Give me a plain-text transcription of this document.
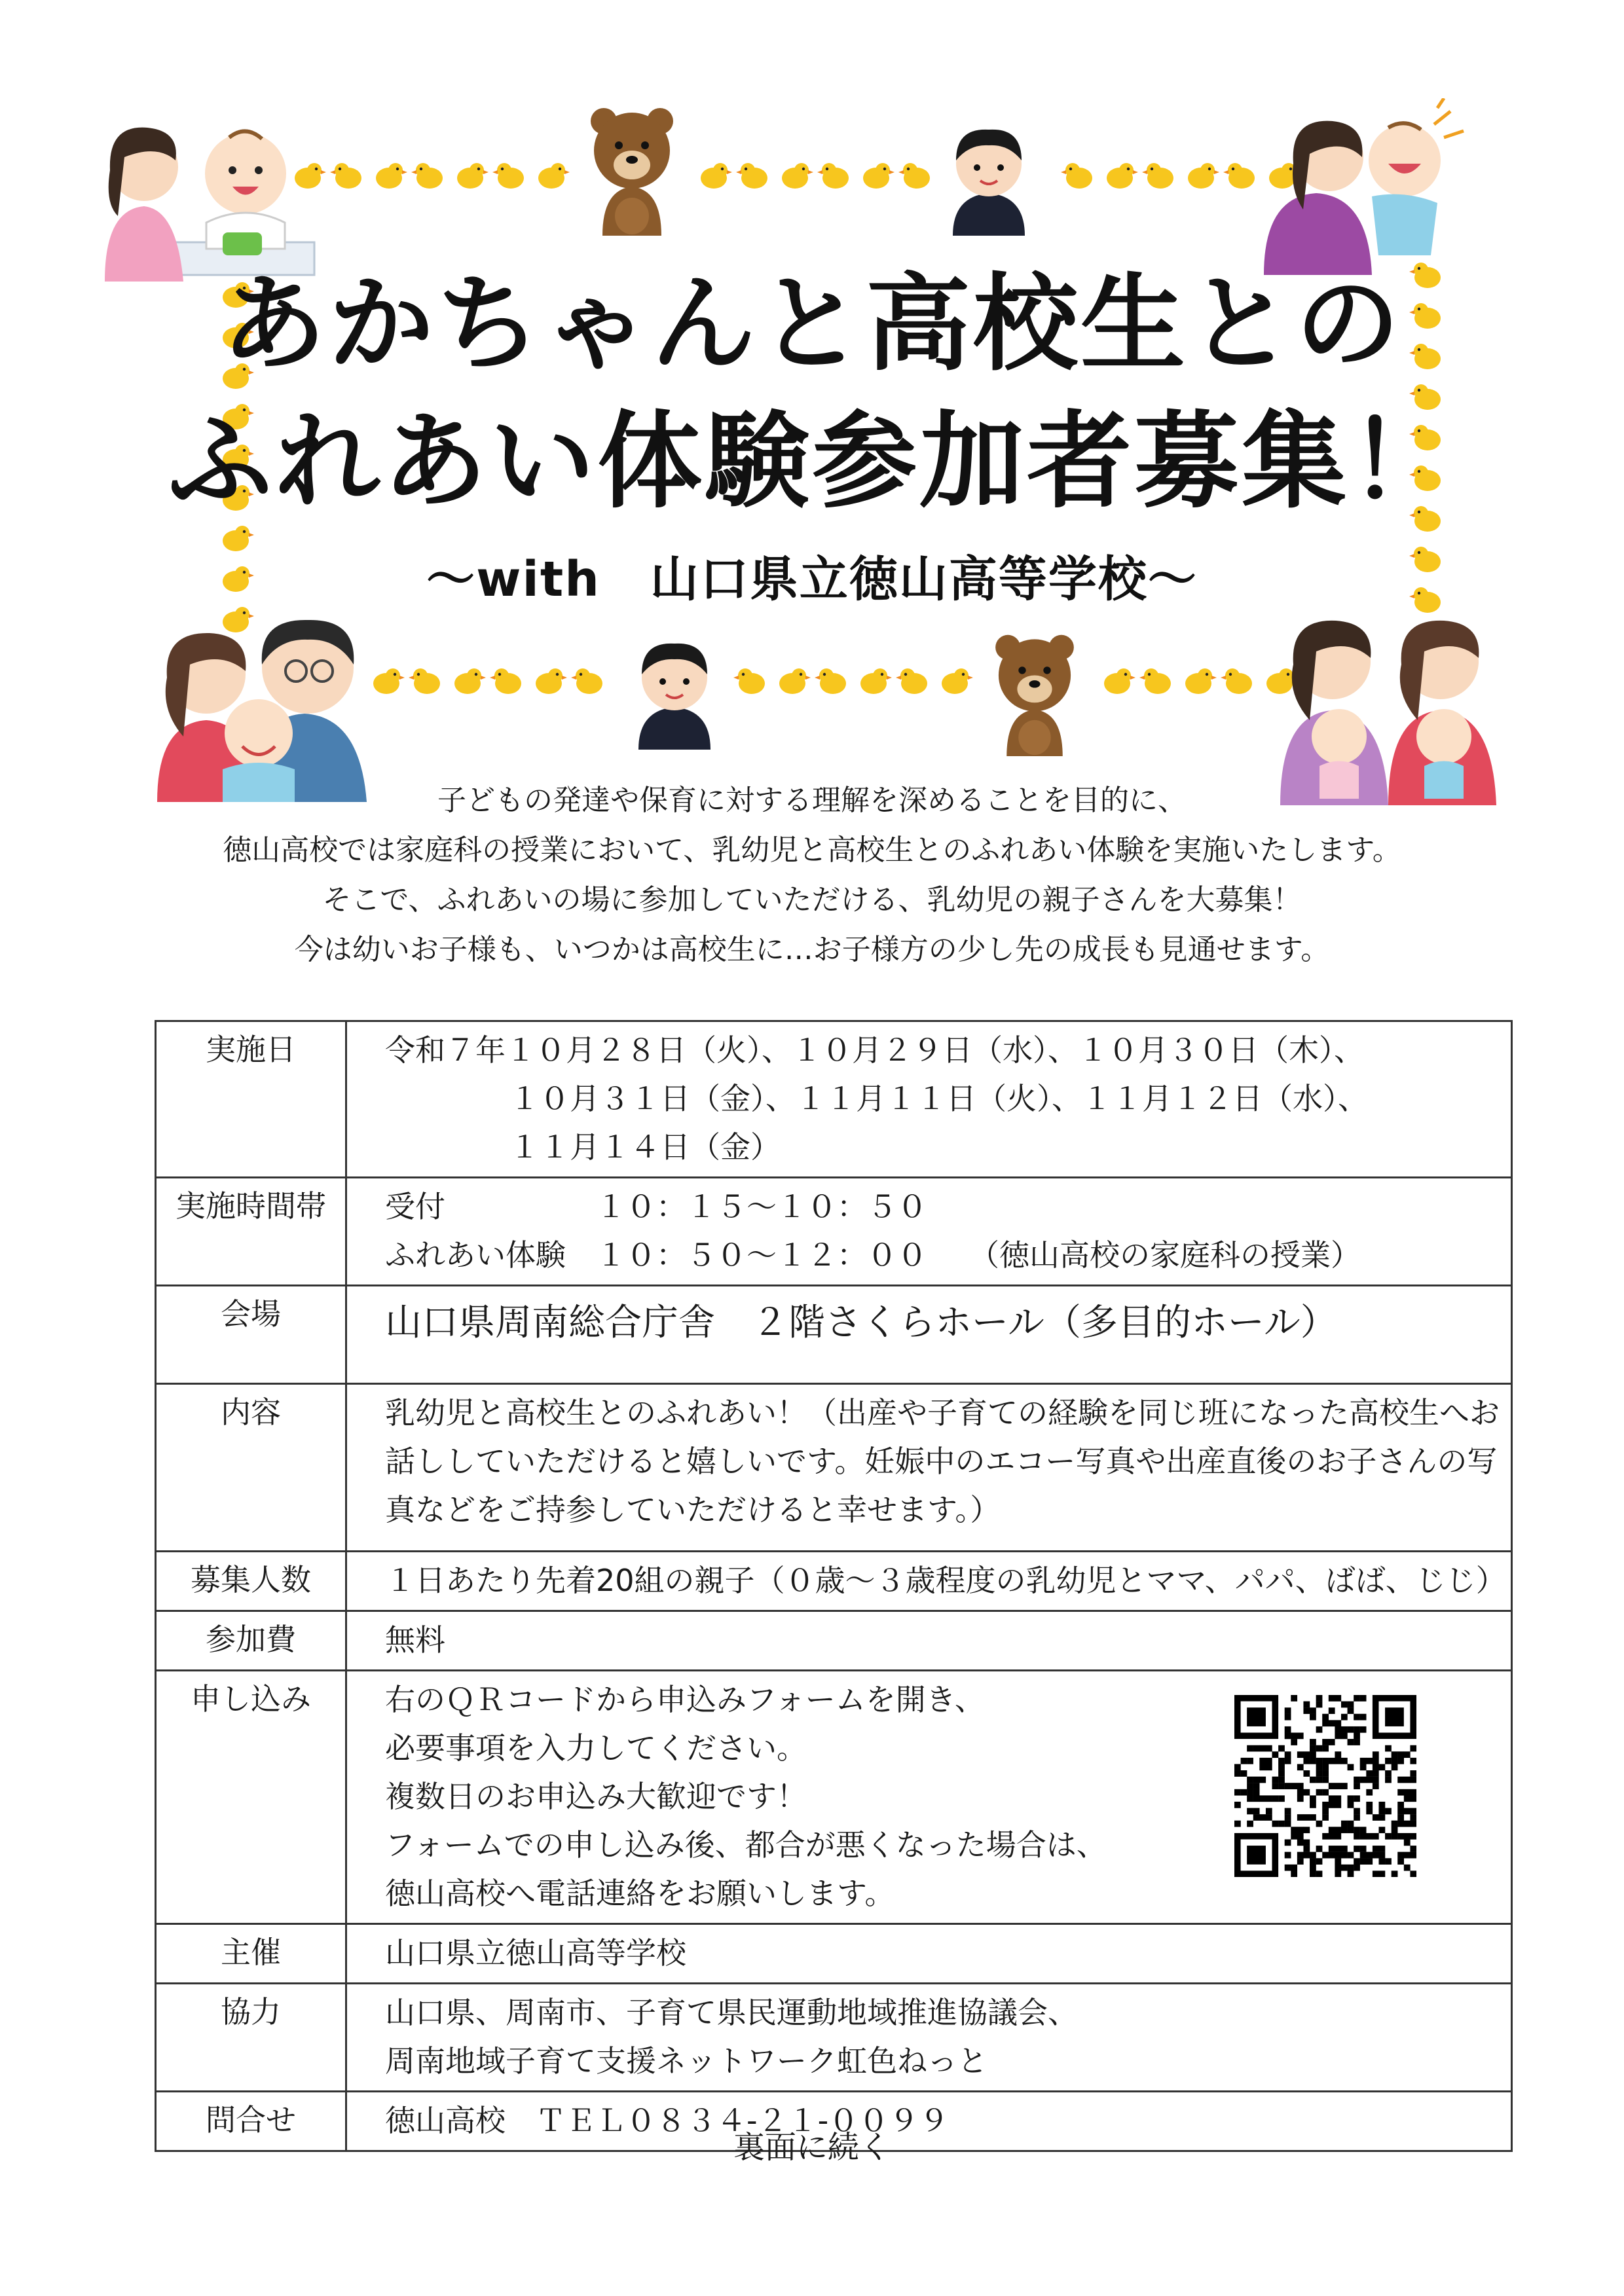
あかちゃんと高校生との
ふれあい体験参加者募集！
～with　山口県立徳山高等学校～
子どもの発達や保育に対する理解を深めることを目的に、
徳山高校では家庭科の授業において、乳幼児と高校生とのふれあい体験を実施いたします。
そこで、ふれあいの場に参加していただける、乳幼児の親子さんを大募集！
今は幼いお子様も、いつかは高校生に…お子様方の少し先の成長も見通せます。
実施日	令和７年１０月２８日（火）、１０月２９日（水）、１０月３０日（木）、
１０月３１日（金）、１１月１１日（火）、１１月１２日（水）、
１１月１４日（金）

実施時間帯	受付 １０：１５～１０：５０
ふれあい体験 １０：５０～１２：００ （徳山高校の家庭科の授業）

会場	山口県周南総合庁舎　２階さくらホール（多目的ホール）

内容	乳幼児と高校生とのふれあい！（出産や子育ての経験を同じ班になった高校生へお
話ししていただけると嬉しいです。妊娠中のエコー写真や出産直後のお子さんの写
真などをご持参していただけると幸せます。）

募集人数	１日あたり先着20組の親子（０歳～３歳程度の乳幼児とママ、パパ、ばば、じじ）

参加費	無料

申し込み	右のＱＲコードから申込みフォームを開き、
必要事項を入力してください。
複数日のお申込み大歓迎です！
フォームでの申し込み後、都合が悪くなった場合は、
徳山高校へ電話連絡をお願いします。

主催	山口県立徳山高等学校

協力	山口県、周南市、子育て県民運動地域推進協議会、
周南地域子育て支援ネットワーク虹色ねっと

問合せ	徳山高校　ＴＥＬ０８３４-２１-００９９
裏面に続く
